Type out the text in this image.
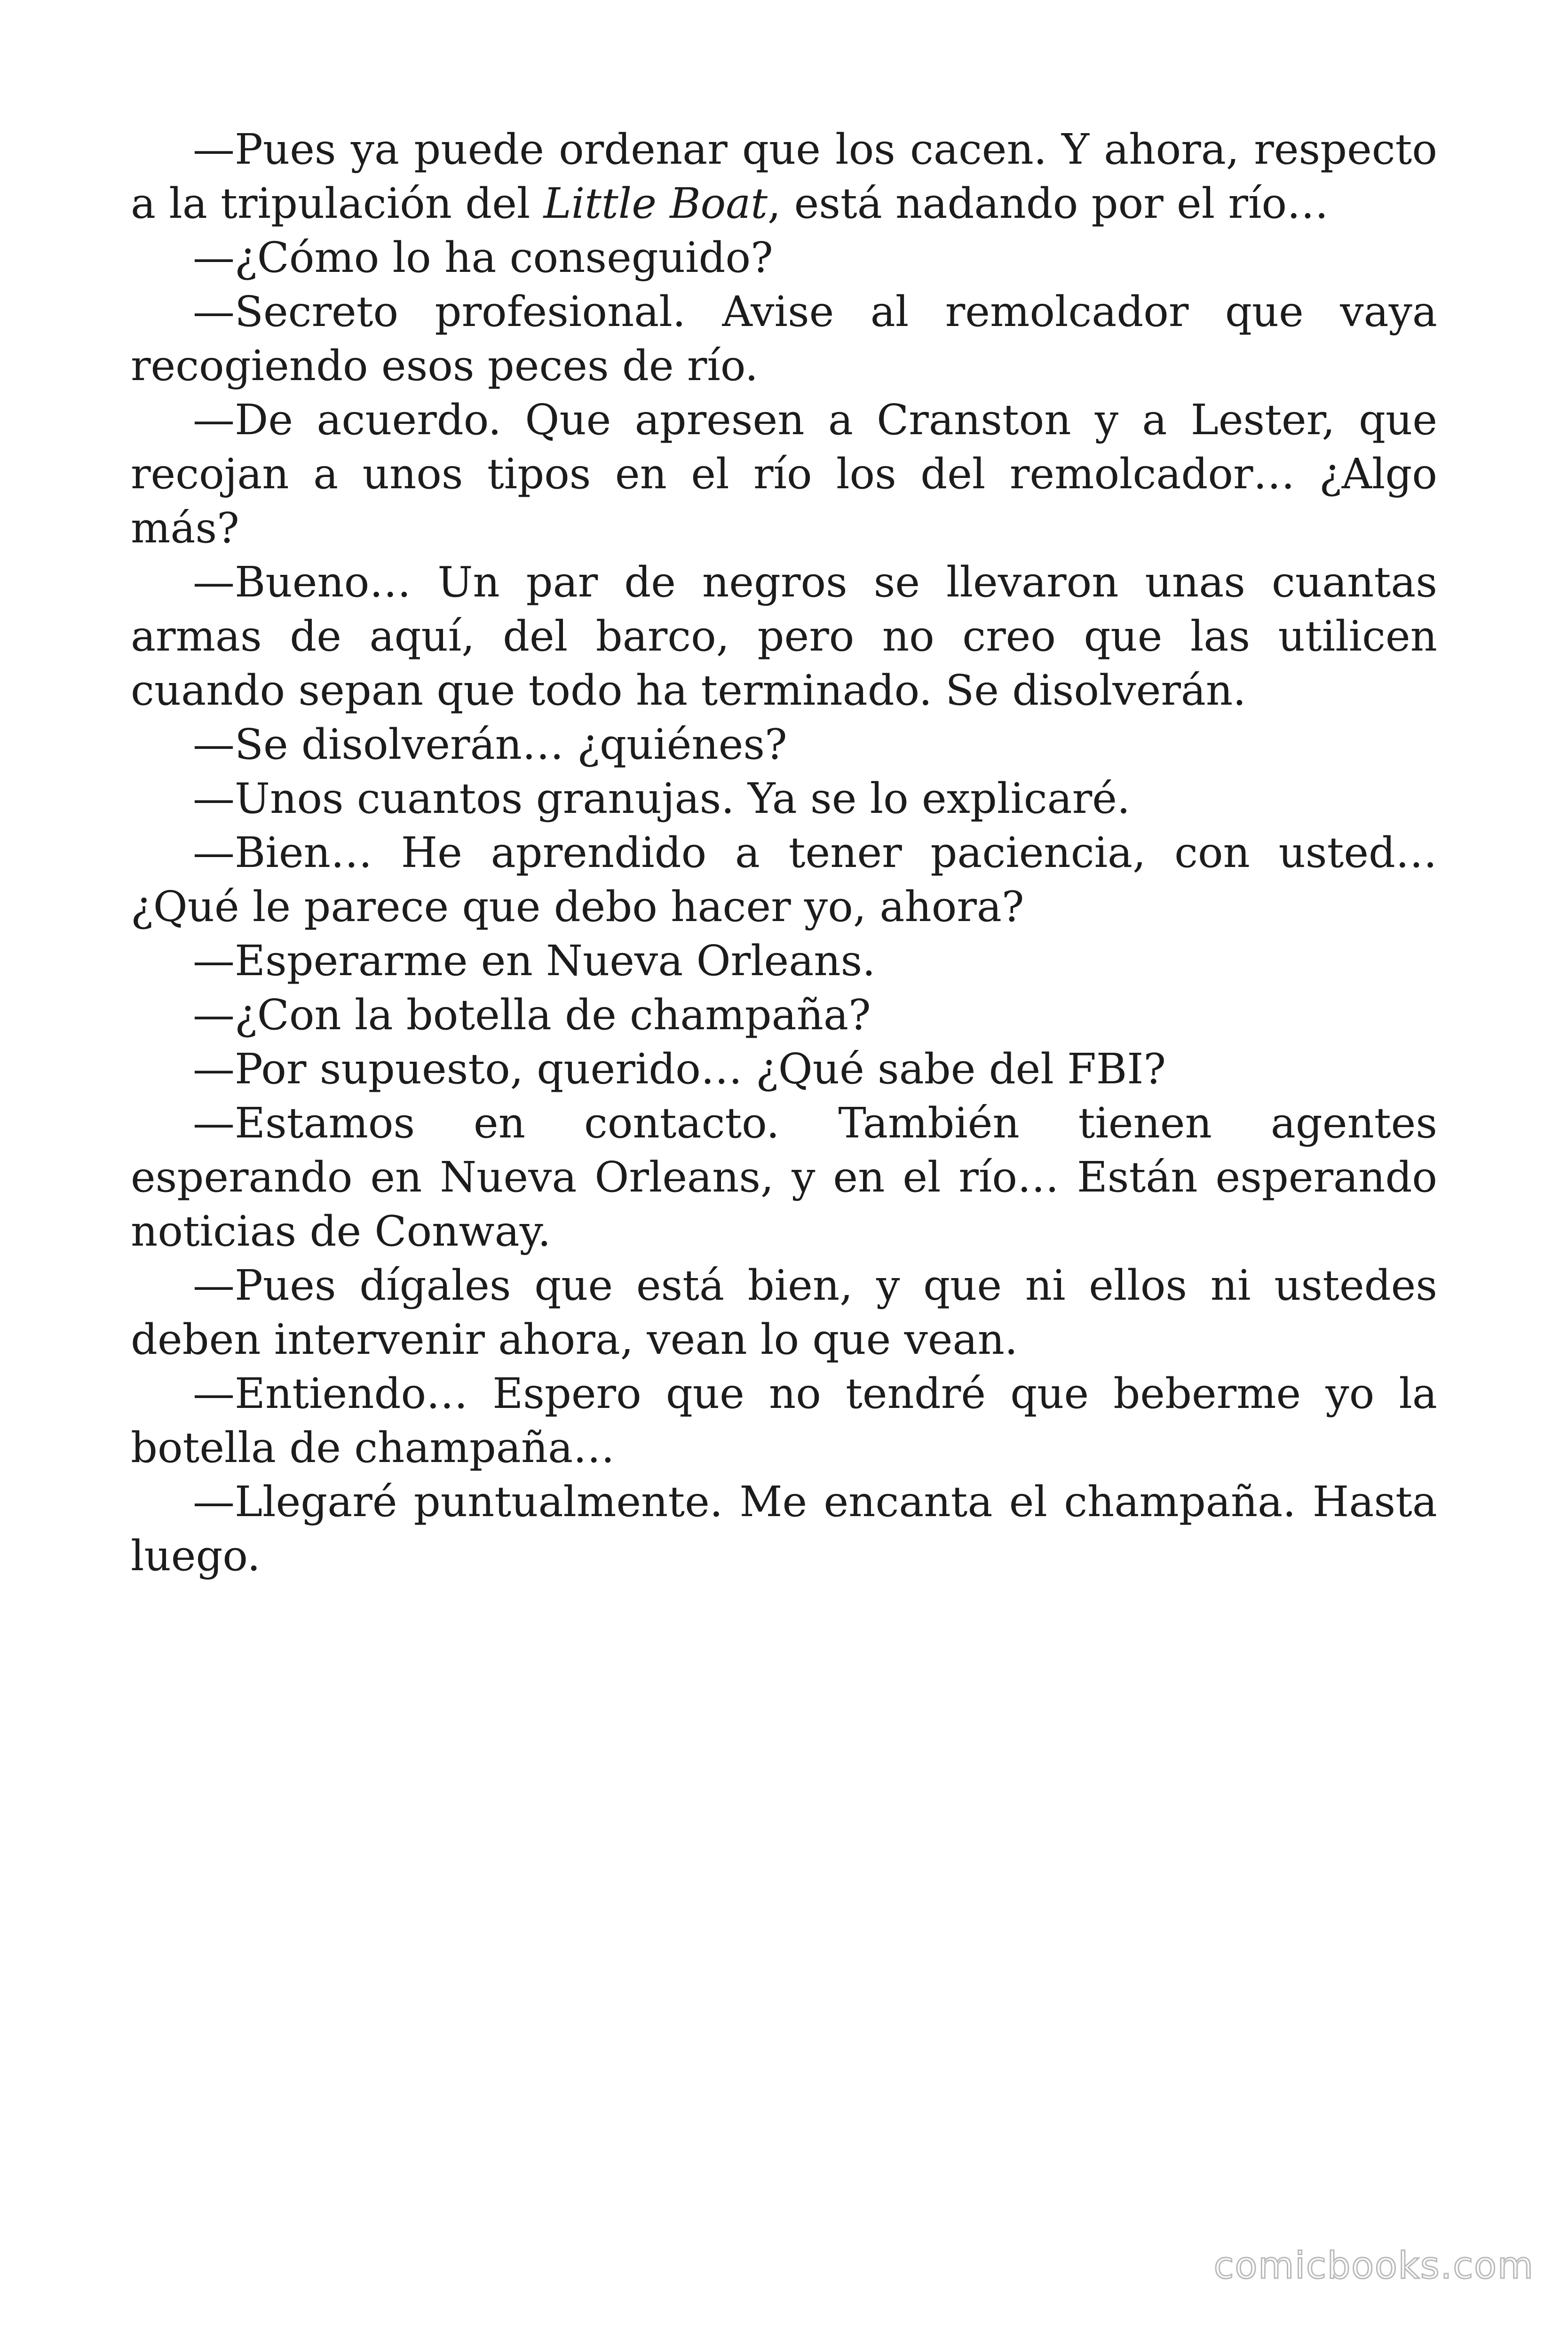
—Pues ya puede ordenar que los cacen. Y ahora, respecto a la tripulación del Little Boat, está nadando por el río…

—¿Cómo lo ha conseguido?

—Secreto profesional. Avise al remolcador que vaya recogiendo esos peces de río.

—De acuerdo. Que apresen a Cranston y a Lester, que recojan a unos tipos en el río los del remolcador… ¿Algo más?

—Bueno… Un par de negros se llevaron unas cuantas armas de aquí, del barco, pero no creo que las utilicen cuando sepan que todo ha terminado. Se disolverán.

—Se disolverán… ¿quiénes?

—Unos cuantos granujas. Ya se lo explicaré.

—Bien… He aprendido a tener paciencia, con usted… ¿Qué le parece que debo hacer yo, ahora?

—Esperarme en Nueva Orleans.

—¿Con la botella de champaña?

—Por supuesto, querido… ¿Qué sabe del FBI?

—Estamos en contacto. También tienen agentes esperando en Nueva Orleans, y en el río… Están esperando noticias de Conway.

—Pues dígales que está bien, y que ni ellos ni ustedes deben intervenir ahora, vean lo que vean.

—Entiendo… Espero que no tendré que beberme yo la botella de champaña…

—Llegaré puntualmente. Me encanta el champaña. Hasta luego.

comicbooks.com
